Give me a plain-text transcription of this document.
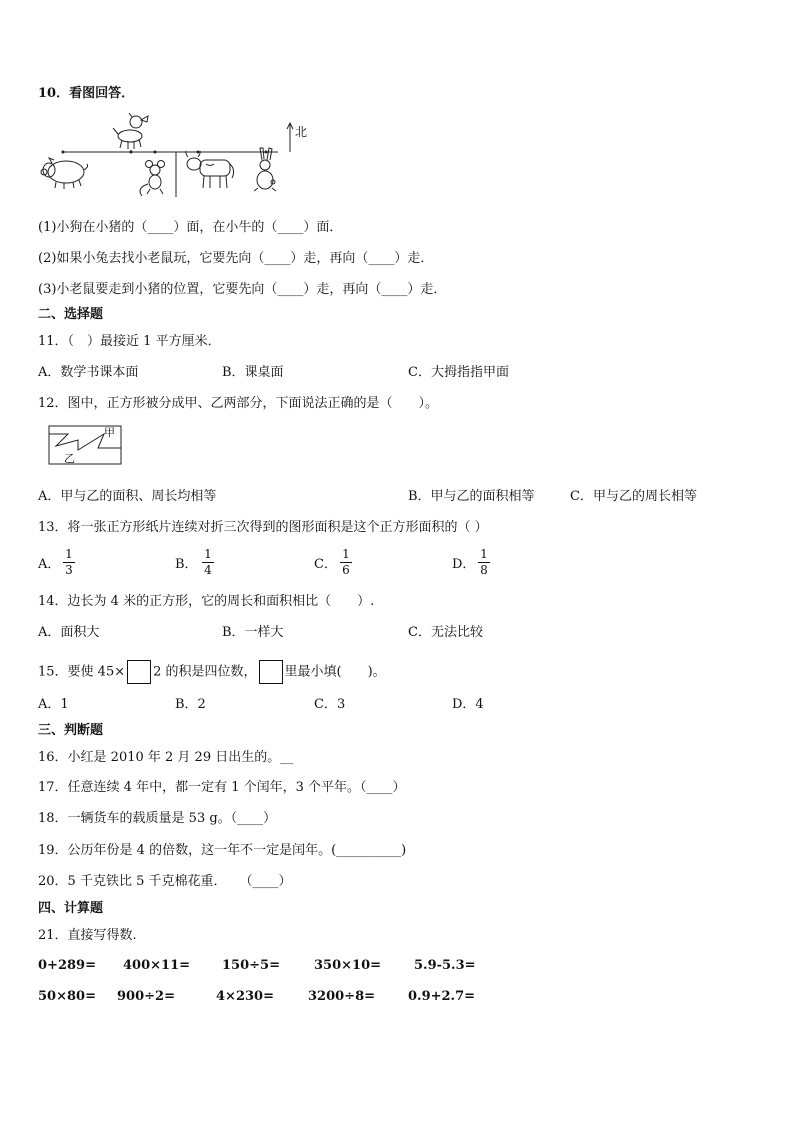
10．看图回答．
北
(1)小狗在小猪的（____）面，在小牛的（____）面．
(2)如果小兔去找小老鼠玩，它要先向（____）走，再向（____）走．
(3)小老鼠要走到小猪的位置，它要先向（____）走，再向（____）走．
二、选择题
11．（　）最接近 1 平方厘米．
A．数学书课本面	B．课桌面	C．大拇指指甲面
12．图中，正方形被分成甲、乙两部分，下面说法正确的是（　　）。
甲
乙
A．甲与乙的面积、周长均相等	B．甲与乙的面积相等	C．甲与乙的周长相等
13．将一张正方形纸片连续对折三次得到的图形面积是这个正方形面积的（ ）
A．
1
3	B．
1
4	C．
1
6	D．
1
8
14．边长为 4 米的正方形，它的周长和面积相比（　　）.
A．面积大	B．一样大	C．无法比较
15．要使 45× 2 的积是四位数， 里最小填(　　)。
A．1	B．2	C．3	D．4
三、判断题
16．小红是 2010 年 2 月 29 日出生的。__
17．任意连续 4 年中，都一定有 1 个闰年，3 个平年。（____）
18．一辆货车的载质量是 53 g。（____）
19．公历年份是 4 的倍数，这一年不一定是闰年。(__________)
20．5 千克铁比 5 千克棉花重．　　（____）
四、计算题
21．直接写得数.
0+289= 400×11= 150÷5=	350×10=	5.9-5.3=
50×80= 900÷2=	4×230=	3200÷8=	0.9+2.7=
